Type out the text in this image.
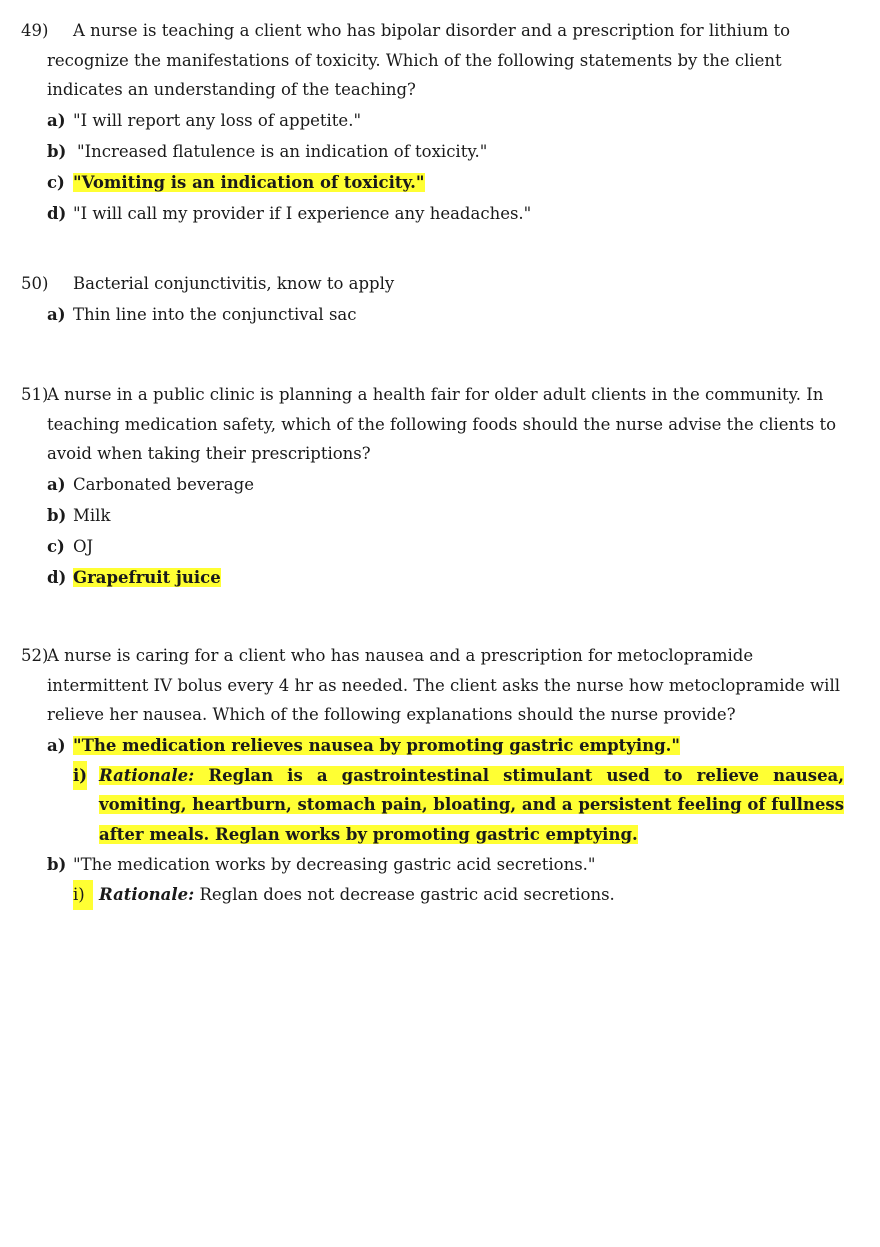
49)	A nurse is teaching a client who has bipolar disorder and a prescription for lithium to recognize the manifestations of toxicity. Which of the following statements by the client indicates an understanding of the teaching?
a) "I will report any loss of appetite."
b) "Increased flatulence is an indication of toxicity."
c) "Vomiting is an indication of toxicity."
d) "I will call my provider if I experience any headaches."
50)	Bacterial conjunctivitis, know to apply
a) Thin line into the conjunctival sac
51)
A nurse in a public clinic is planning a health fair for older adult clients in the community. In teaching medication safety, which of the following foods should the nurse advise the clients to avoid when taking their prescriptions?
a) Carbonated beverage
b) Milk
c) OJ
d) Grapefruit juice
52)
A nurse is caring for a client who has nausea and a prescription for metoclopramide intermittent IV bolus every 4 hr as needed. The client asks the nurse how metoclopramide will relieve her nausea. Which of the following explanations should the nurse provide?
a) "The medication relieves nausea by promoting gastric emptying."
i) Rationale: Reglan is a gastrointestinal stimulant used to relieve nausea, vomiting, heartburn, stomach pain, bloating, and a persistent feeling of fullness after meals. Reglan works by promoting gastric emptying.
b) "The medication works by decreasing gastric acid secretions."
i) Rationale: Reglan does not decrease gastric acid secretions.
